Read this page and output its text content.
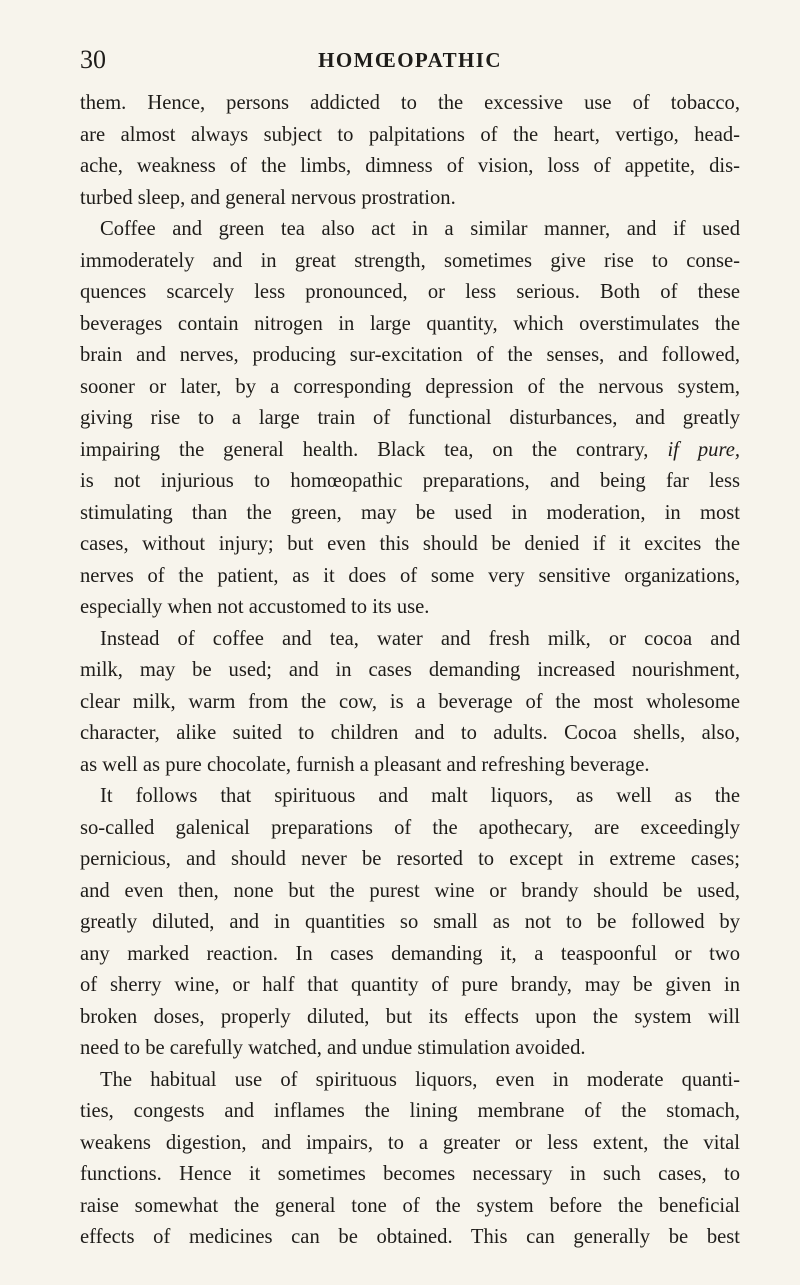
30	HOMŒOPATHIC
them. Hence, persons addicted to the excessive use of tobacco,
are almost always subject to palpitations of the heart, vertigo, head-
ache, weakness of the limbs, dimness of vision, loss of appetite, dis-
turbed sleep, and general nervous prostration.
Coffee and green tea also act in a similar manner, and if used
immoderately and in great strength, sometimes give rise to conse-
quences scarcely less pronounced, or less serious. Both of these
beverages contain nitrogen in large quantity, which overstimulates the
brain and nerves, producing sur-excitation of the senses, and followed,
sooner or later, by a corresponding depression of the nervous system,
giving rise to a large train of functional disturbances, and greatly
impairing the general health. Black tea, on the contrary, if pure,
is not injurious to homœopathic preparations, and being far less
stimulating than the green, may be used in moderation, in most
cases, without injury; but even this should be denied if it excites the
nerves of the patient, as it does of some very sensitive organizations,
especially when not accustomed to its use.
Instead of coffee and tea, water and fresh milk, or cocoa and
milk, may be used; and in cases demanding increased nourishment,
clear milk, warm from the cow, is a beverage of the most wholesome
character, alike suited to children and to adults. Cocoa shells, also,
as well as pure chocolate, furnish a pleasant and refreshing beverage.
It follows that spirituous and malt liquors, as well as the
so-called galenical preparations of the apothecary, are exceedingly
pernicious, and should never be resorted to except in extreme cases;
and even then, none but the purest wine or brandy should be used,
greatly diluted, and in quantities so small as not to be followed by
any marked reaction. In cases demanding it, a teaspoonful or two
of sherry wine, or half that quantity of pure brandy, may be given in
broken doses, properly diluted, but its effects upon the system will
need to be carefully watched, and undue stimulation avoided.
The habitual use of spirituous liquors, even in moderate quanti-
ties, congests and inflames the lining membrane of the stomach,
weakens digestion, and impairs, to a greater or less extent, the vital
functions. Hence it sometimes becomes necessary in such cases, to
raise somewhat the general tone of the system before the beneficial
effects of medicines can be obtained. This can generally be best
